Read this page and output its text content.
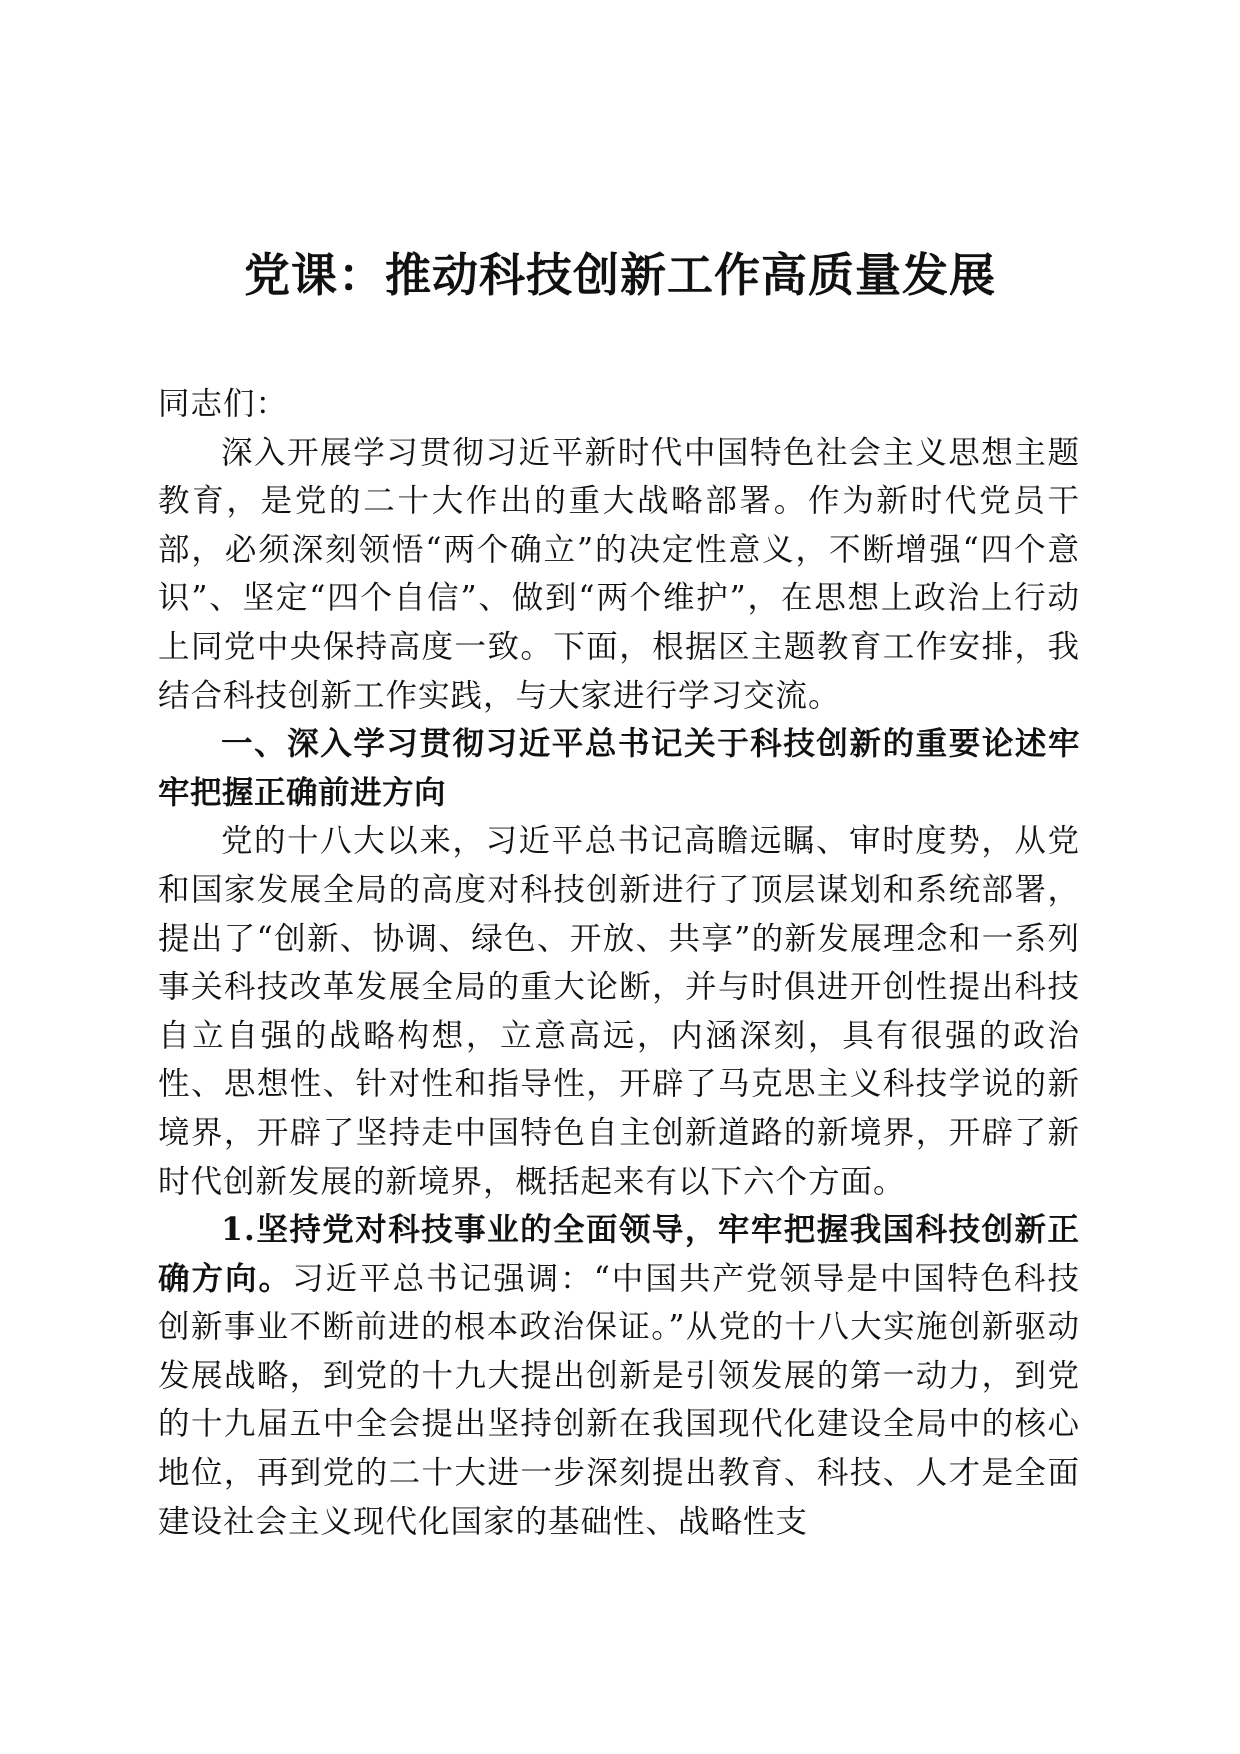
党课：推动科技创新工作高质量发展

同志们：

深入开展学习贯彻习近平新时代中国特色社会主义思想主题教育，是党的二十大作出的重大战略部署。作为新时代党员干部，必须深刻领悟“两个确立”的决定性意义，不断增强“四个意识”、坚定“四个自信”、做到“两个维护”，在思想上政治上行动上同党中央保持高度一致。下面，根据区主题教育工作安排，我结合科技创新工作实践，与大家进行学习交流。

一、深入学习贯彻习近平总书记关于科技创新的重要论述牢牢把握正确前进方向

党的十八大以来，习近平总书记高瞻远瞩、审时度势，从党和国家发展全局的高度对科技创新进行了顶层谋划和系统部署，提出了“创新、协调、绿色、开放、共享”的新发展理念和一系列事关科技改革发展全局的重大论断，并与时俱进开创性提出科技自立自强的战略构想，立意高远，内涵深刻，具有很强的政治性、思想性、针对性和指导性，开辟了马克思主义科技学说的新境界，开辟了坚持走中国特色自主创新道路的新境界，开辟了新时代创新发展的新境界，概括起来有以下六个方面。

1.坚持党对科技事业的全面领导，牢牢把握我国科技创新正确方向。习近平总书记强调：“中国共产党领导是中国特色科技创新事业不断前进的根本政治保证。”从党的十八大实施创新驱动发展战略，到党的十九大提出创新是引领发展的第一动力，到党的十九届五中全会提出坚持创新在我国现代化建设全局中的核心地位，再到党的二十大进一步深刻提出教育、科技、人才是全面建设社会主义现代化国家的基础性、战略性支
